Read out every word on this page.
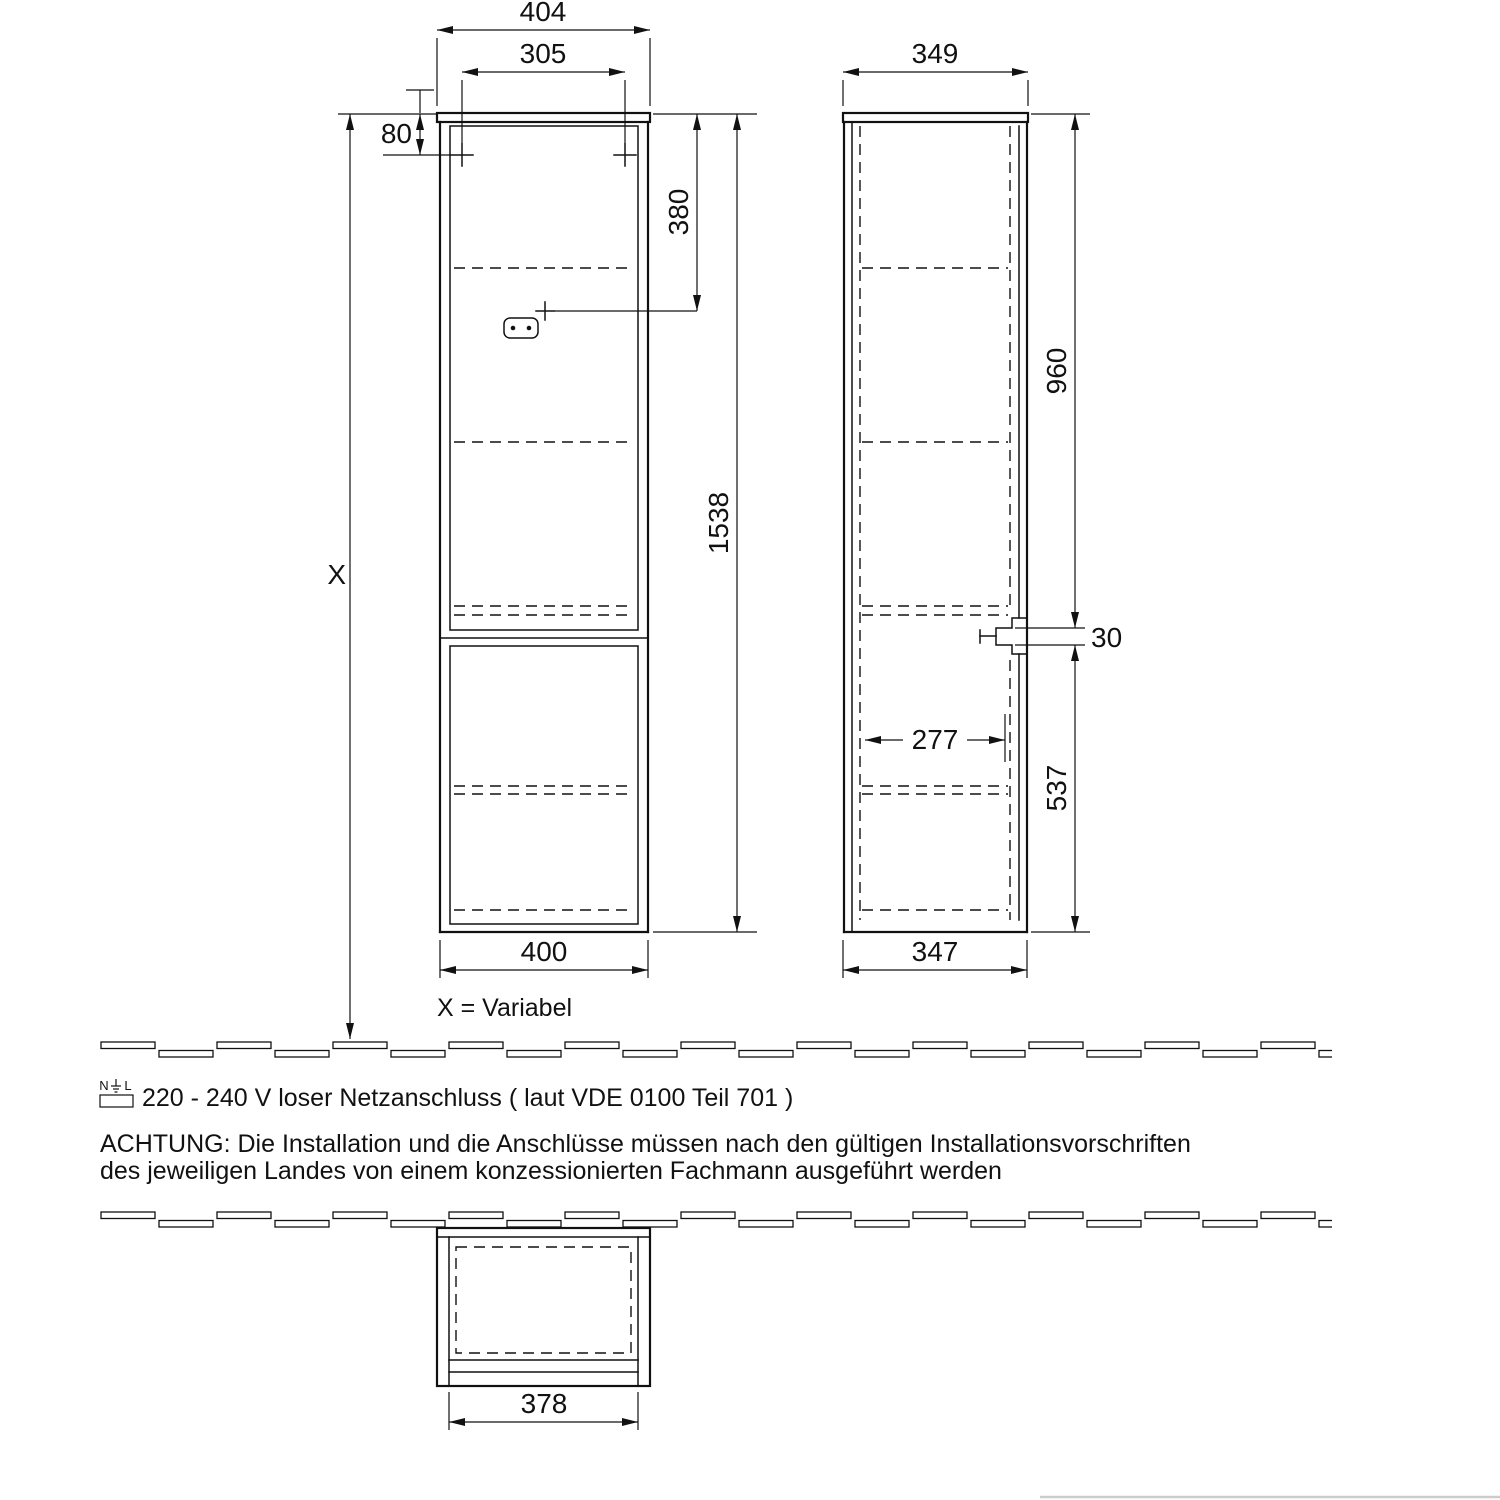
404
305
80
380
1538
X
400
X = Variabel
349
960
30
277
537
347
N L 220 - 240 V loser Netzanschluss ( laut VDE 0100 Teil 701 )
ACHTUNG: Die Installation und die Anschlüsse müssen nach den gültigen Installationsvorschriften
des jeweiligen Landes von einem konzessionierten Fachmann ausgeführt werden
378
